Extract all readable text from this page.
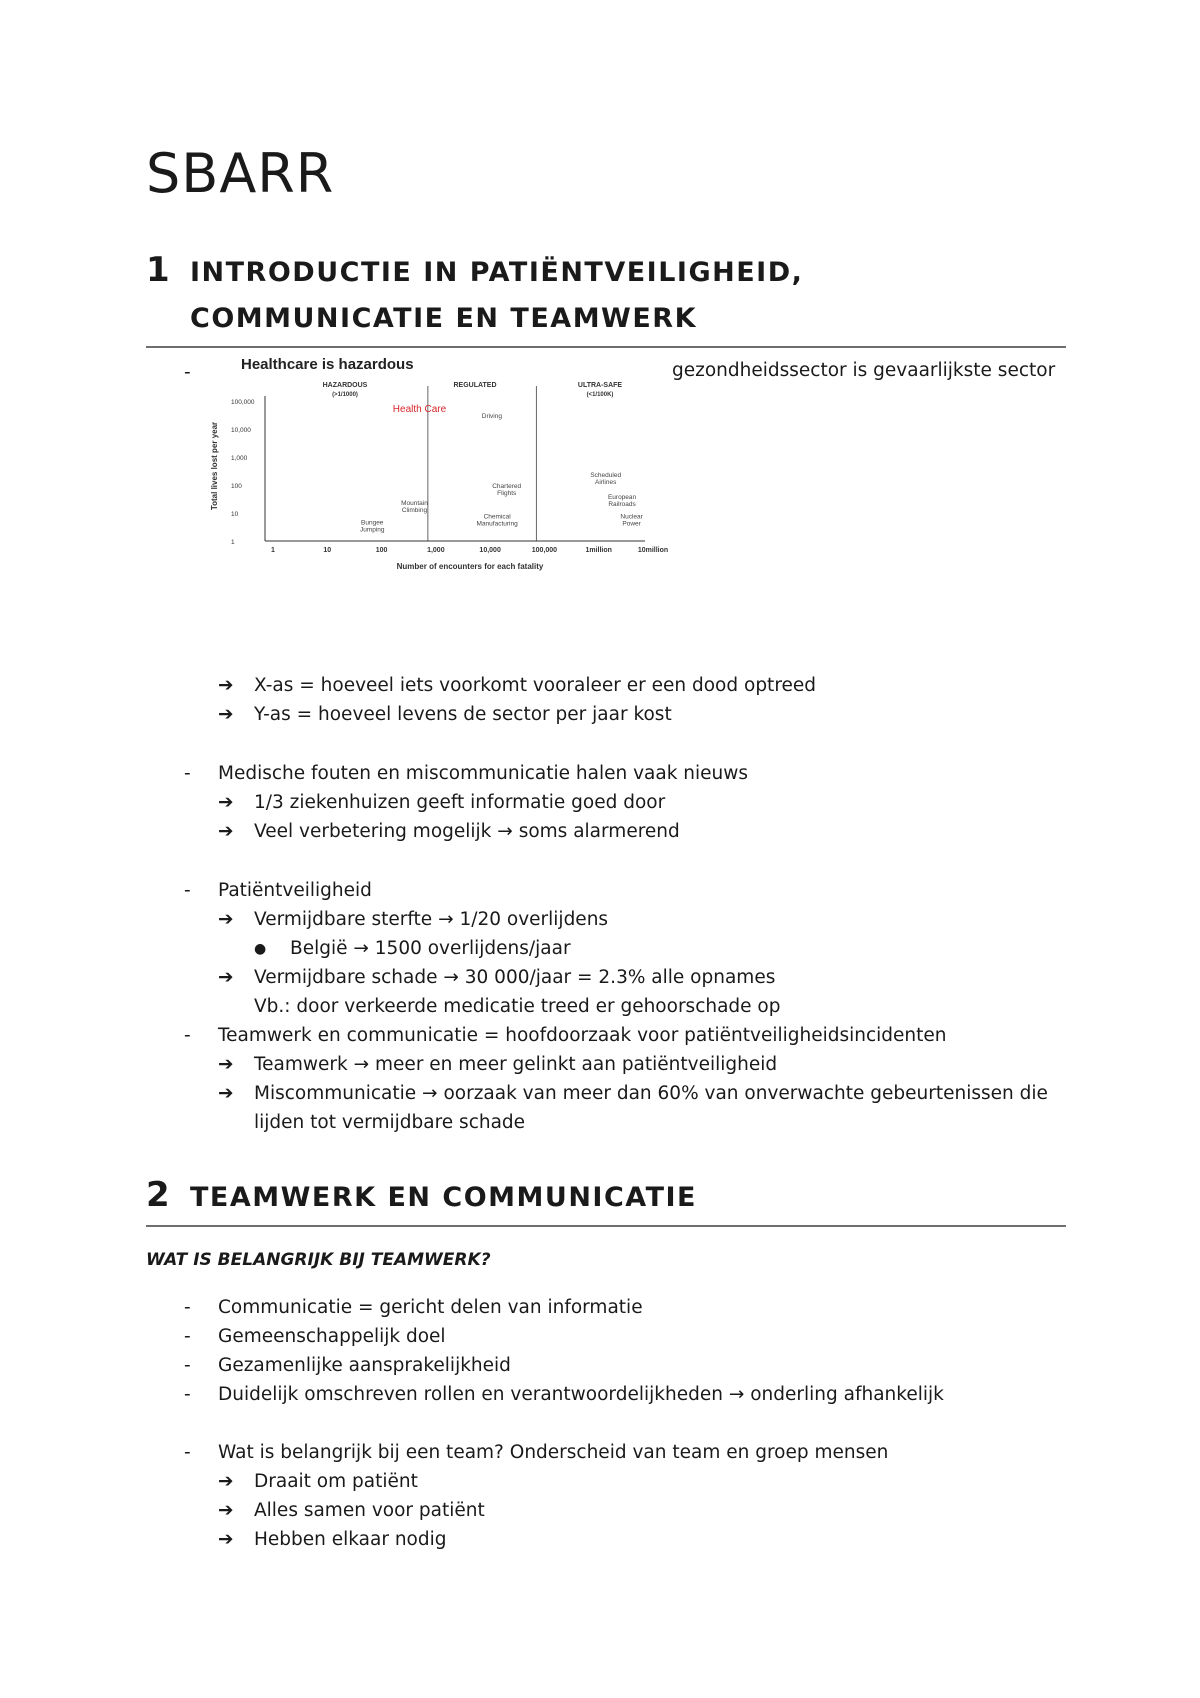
SBARR
1 INTRODUCTIE IN PATIËNTVEILIGHEID,
COMMUNICATIE EN TEAMWERK
-	gezondheidssector is gevaarlijkste sector
Healthcare is hazardous
HAZARDOUS
(>1/1000)
REGULATED	ULTRA-SAFE
(<1/100K)
100,000
10,000
1,000
100
10
1
1	10	100	1,000	10,000	100,000	1million	10million
Number of encounters for each fatality
Total lives lost per year
Health Care
Driving
Mountain Climbing
Bungee Jumping
Chartered Flights
Chemical Manufacturing
Scheduled Airlines
European Railroads
Nuclear Power
➔ X-as = hoeveel iets voorkomt vooraleer er een dood optreed
➔ Y-as = hoeveel levens de sector per jaar kost
- Medische fouten en miscommunicatie halen vaak nieuws
➔ 1/3 ziekenhuizen geeft informatie goed door
➔ Veel verbetering mogelijk → soms alarmerend
- Patiëntveiligheid
➔ Vermijdbare sterfte → 1/20 overlijdens
● België → 1500 overlijdens/jaar
➔ Vermijdbare schade → 30 000/jaar = 2.3% alle opnames
Vb.: door verkeerde medicatie treed er gehoorschade op
- Teamwerk en communicatie = hoofdoorzaak voor patiëntveiligheidsincidenten
➔ Teamwerk → meer en meer gelinkt aan patiëntveiligheid
➔ Miscommunicatie → oorzaak van meer dan 60% van onverwachte gebeurtenissen die
lijden tot vermijdbare schade
2 TEAMWERK EN COMMUNICATIE
WAT IS BELANGRIJK BIJ TEAMWERK?
- Communicatie = gericht delen van informatie
- Gemeenschappelijk doel
- Gezamenlijke aansprakelijkheid
- Duidelijk omschreven rollen en verantwoordelijkheden → onderling afhankelijk
- Wat is belangrijk bij een team? Onderscheid van team en groep mensen
➔ Draait om patiënt
➔ Alles samen voor patiënt
➔ Hebben elkaar nodig
